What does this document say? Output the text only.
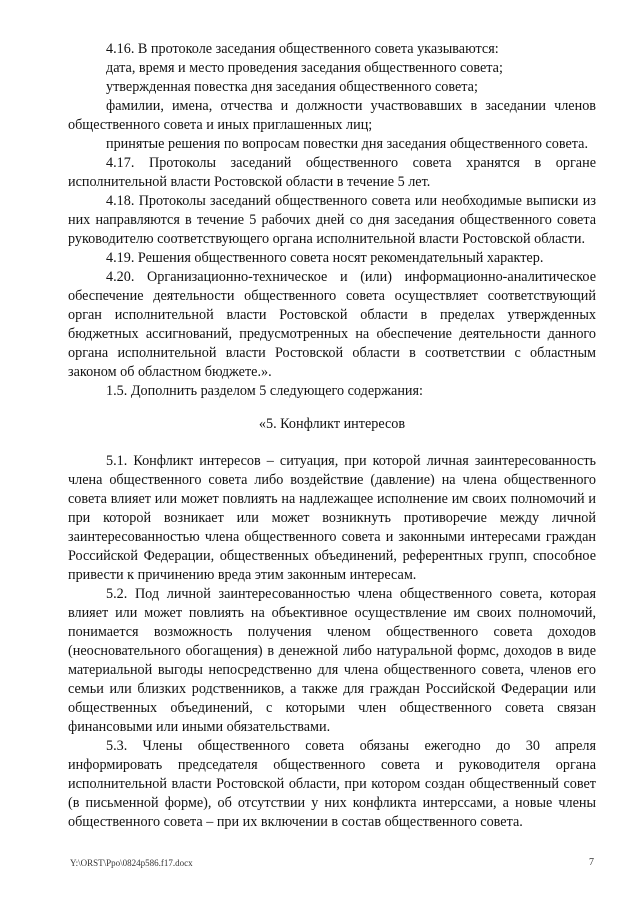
4.16. В протоколе заседания общественного совета указываются:

дата, время и место проведения заседания общественного совета;

утвержденная повестка дня заседания общественного совета;

фамилии, имена, отчества и должности участвовавших в заседании членов общественного совета и иных приглашенных лиц;

принятые решения по вопросам повестки дня заседания общественного совета.

4.17. Протоколы заседаний общественного совета хранятся в органе исполнительной власти Ростовской области в течение 5 лет.

4.18. Протоколы заседаний общественного совета или необходимые выписки из них направляются в течение 5 рабочих дней со дня заседания общественного совета руководителю соответствующего органа исполнительной власти Ростовской области.

4.19. Решения общественного совета носят рекомендательный характер.

4.20. Организационно-техническое и (или) информационно-аналитическое обеспечение деятельности общественного совета осуществляет соответствующий орган исполнительной власти Ростовской области в пределах утвержденных бюджетных ассигнований, предусмотренных на обеспечение деятельности данного органа исполнительной власти Ростовской области в соответствии с областным законом об областном бюджете.».

1.5. Дополнить разделом 5 следующего содержания:

«5. Конфликт интересов

5.1. Конфликт интересов – ситуация, при которой личная заинтересованность члена общественного совета либо воздействие (давление) на члена общественного совета влияет или может повлиять на надлежащее исполнение им своих полномочий и при которой возникает или может возникнуть противоречие между личной заинтересованностью члена общественного совета и законными интересами граждан Российской Федерации, общественных объединений, референтных групп, способное привести к причинению вреда этим законным интересам.

5.2. Под личной заинтересованностью члена общественного совета, которая влияет или может повлиять на объективное осуществление им своих полномочий, понимается возможность получения членом общественного совета доходов (неосновательного обогащения) в денежной либо натуральной формс, доходов в виде материальной выгоды непосредственно для члена общественного совета, членов его семьи или близких родственников, а также для граждан Российской Федерации или общественных объединений, с которыми член общественного совета связан финансовыми или иными обязательствами.

5.3. Члены общественного совета обязаны ежегодно до 30 апреля информировать председателя общественного совета и руководителя органа исполнительной власти Ростовской области, при котором создан общественный совет (в письменной форме), об отсутствии у них конфликта интерссами, а новые члены общественного совета – при их включении в состав общественного совета.

Y:\ORST\Ppo\0824p586.f17.docx	7
